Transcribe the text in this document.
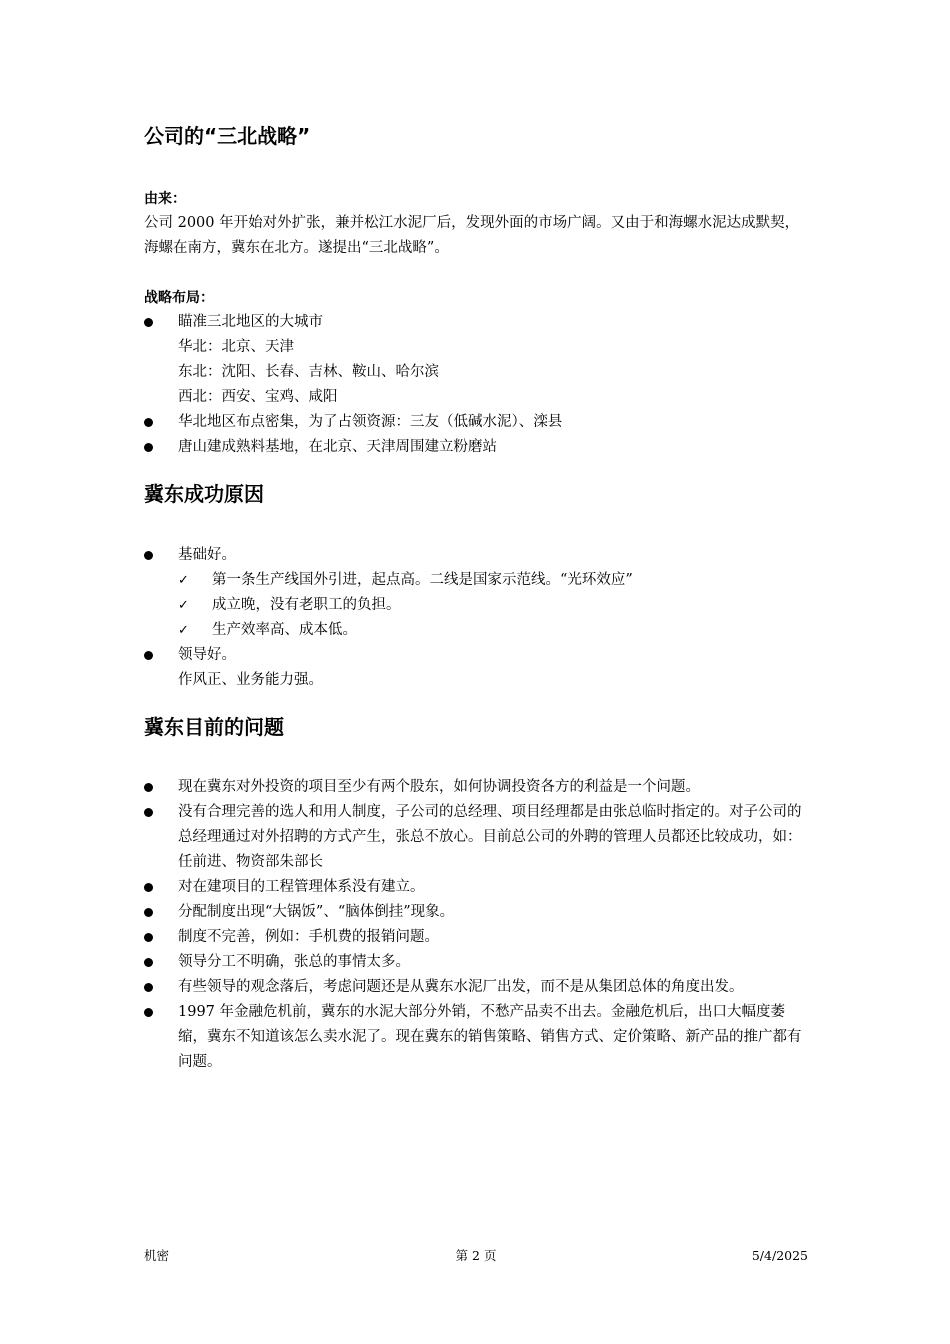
公司的“三北战略”
由来：
公司 2000 年开始对外扩张，兼并松江水泥厂后，发现外面的市场广阔。又由于和海螺水泥达成默契，海螺在南方，冀东在北方。遂提出“三北战略”。
战略布局：
瞄准三北地区的大城市
华北：北京、天津
东北：沈阳、长春、吉林、鞍山、哈尔滨
西北：西安、宝鸡、咸阳
华北地区布点密集，为了占领资源：三友（低碱水泥）、滦县
唐山建成熟料基地，在北京、天津周围建立粉磨站
冀东成功原因
基础好。
✓ 第一条生产线国外引进，起点高。二线是国家示范线。“光环效应”
✓ 成立晚，没有老职工的负担。
✓ 生产效率高、成本低。
领导好。
作风正、业务能力强。
冀东目前的问题
现在冀东对外投资的项目至少有两个股东，如何协调投资各方的利益是一个问题。
没有合理完善的选人和用人制度，子公司的总经理、项目经理都是由张总临时指定的。对子公司的总经理通过对外招聘的方式产生，张总不放心。目前总公司的外聘的管理人员都还比较成功，如：任前进、物资部朱部长
对在建项目的工程管理体系没有建立。
分配制度出现“大锅饭”、“脑体倒挂”现象。
制度不完善，例如：手机费的报销问题。
领导分工不明确，张总的事情太多。
有些领导的观念落后，考虑问题还是从冀东水泥厂出发，而不是从集团总体的角度出发。
1997 年金融危机前，冀东的水泥大部分外销，不愁产品卖不出去。金融危机后，出口大幅度萎缩，冀东不知道该怎么卖水泥了。现在冀东的销售策略、销售方式、定价策略、新产品的推广都有问题。
机密	第 2 页	5/4/2025
